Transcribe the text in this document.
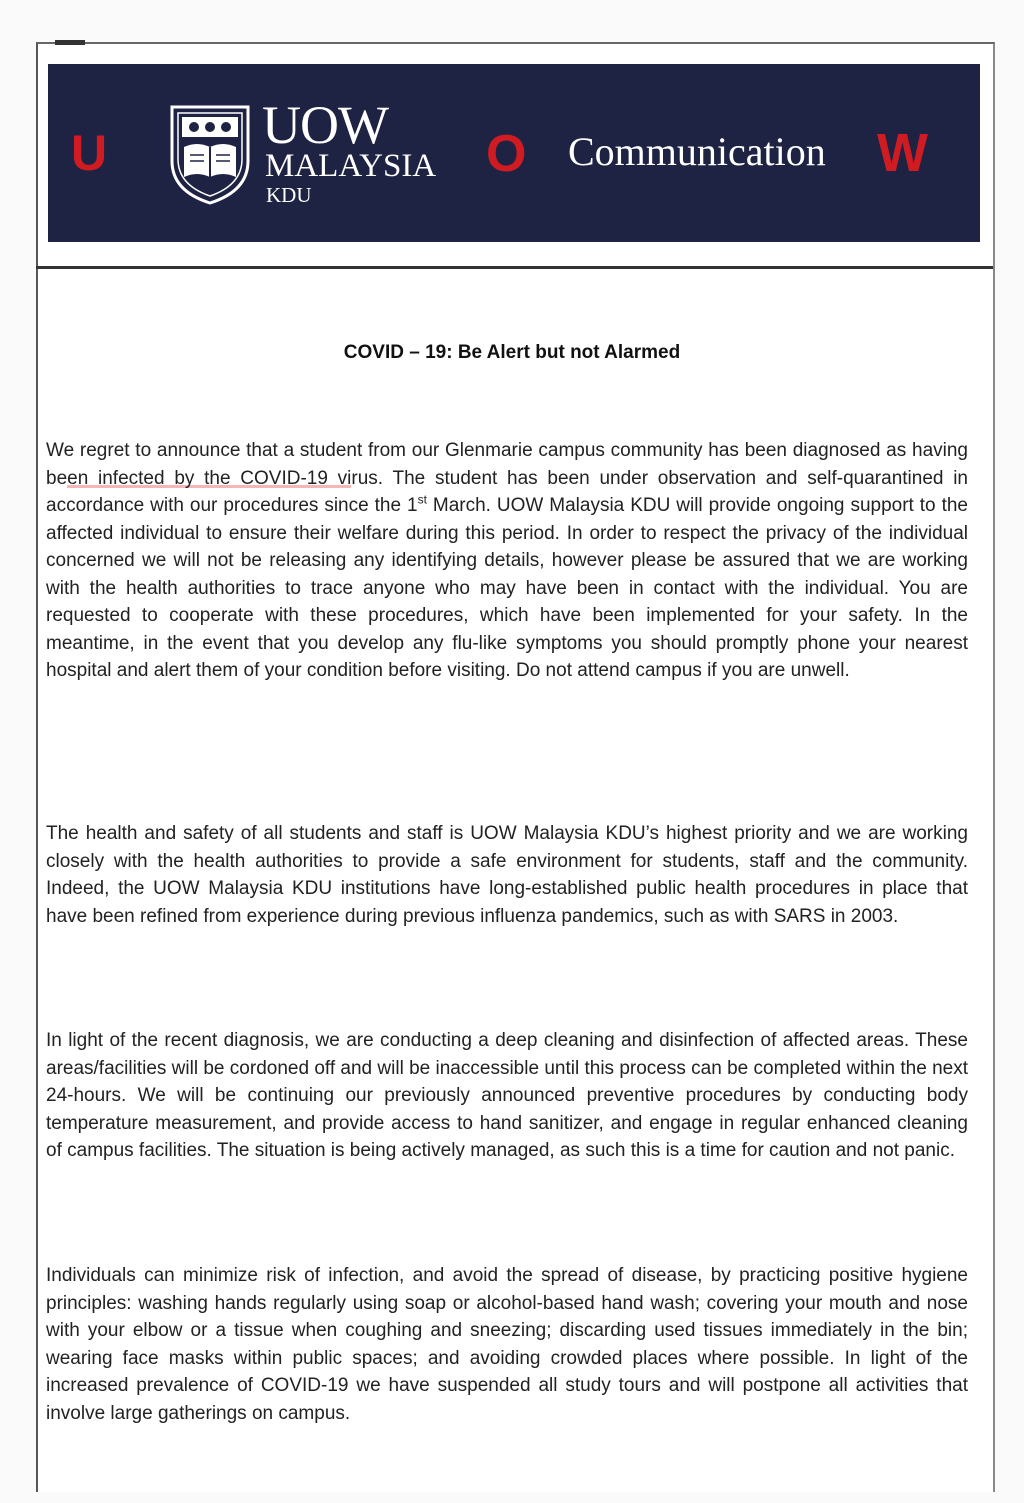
U	UOW
MALAYSIA
KDU
O Communication W
COVID – 19: Be Alert but not Alarmed

We regret to announce that a student from our Glenmarie campus community has been diagnosed as having been infected by the COVID-19 virus. The student has been under observation and self-quarantined in accordance with our procedures since the 1st March. UOW Malaysia KDU will provide ongoing support to the affected individual to ensure their welfare during this period. In order to respect the privacy of the individual concerned we will not be releasing any identifying details, however please be assured that we are working with the health authorities to trace anyone who may have been in contact with the individual. You are requested to cooperate with these procedures, which have been implemented for your safety. In the meantime, in the event that you develop any flu-like symptoms you should promptly phone your nearest hospital and alert them of your condition before visiting. Do not attend campus if you are unwell.

The health and safety of all students and staff is UOW Malaysia KDU’s highest priority and we are working closely with the health authorities to provide a safe environment for students, staff and the community. Indeed, the UOW Malaysia KDU institutions have long-established public health procedures in place that have been refined from experience during previous influenza pandemics, such as with SARS in 2003.

In light of the recent diagnosis, we are conducting a deep cleaning and disinfection of affected areas. These areas/facilities will be cordoned off and will be inaccessible until this process can be completed within the next 24-hours. We will be continuing our previously announced preventive procedures by conducting body temperature measurement, and provide access to hand sanitizer, and engage in regular enhanced cleaning of campus facilities. The situation is being actively managed, as such this is a time for caution and not panic.

Individuals can minimize risk of infection, and avoid the spread of disease, by practicing positive hygiene principles: washing hands regularly using soap or alcohol-based hand wash; covering your mouth and nose with your elbow or a tissue when coughing and sneezing; discarding used tissues immediately in the bin; wearing face masks within public spaces; and avoiding crowded places where possible. In light of the increased prevalence of COVID-19 we have suspended all study tours and will postpone all activities that involve large gatherings on campus.
